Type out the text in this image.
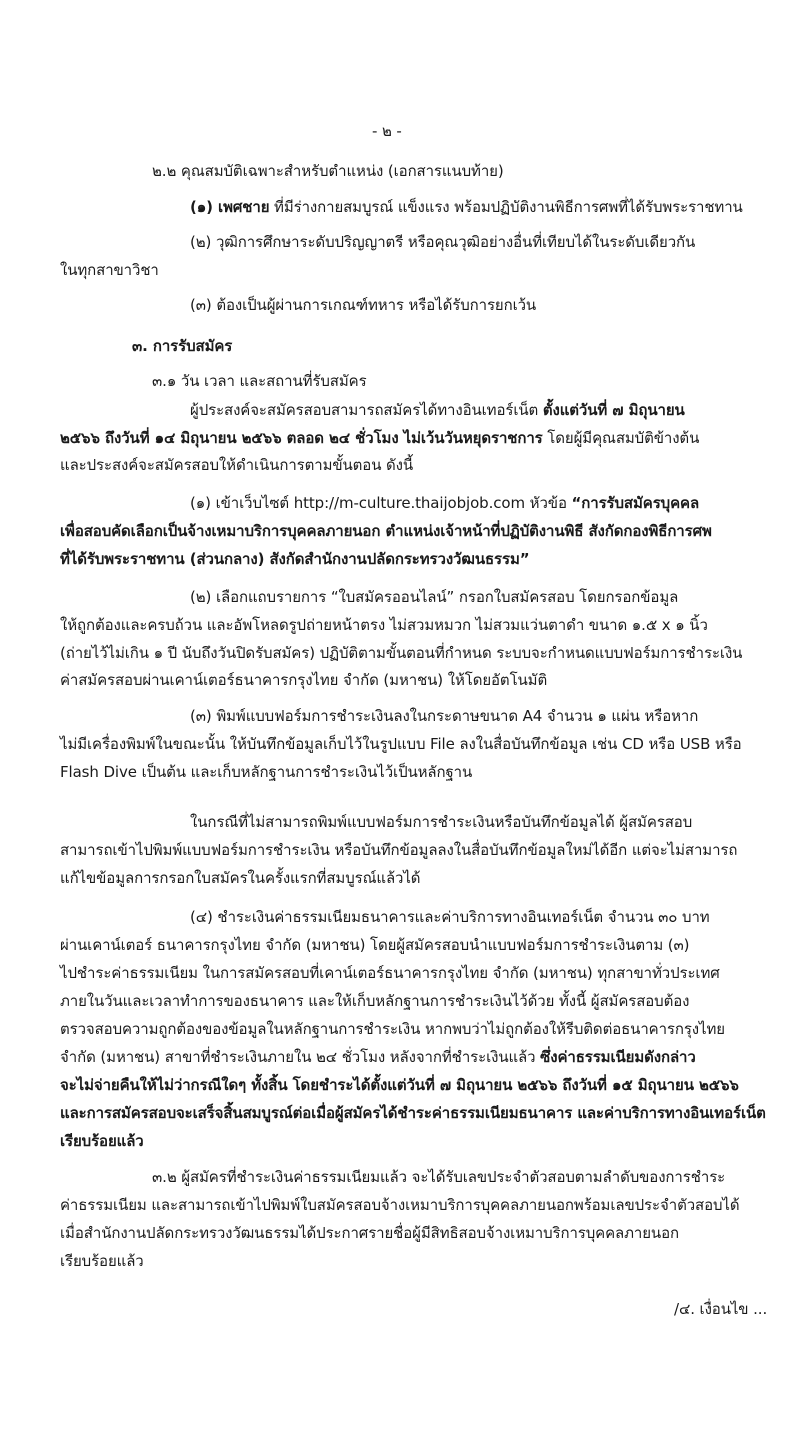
- ๒ -
๒.๒ คุณสมบัติเฉพาะสำหรับตำแหน่ง (เอกสารแนบท้าย)
(๑) เพศชาย ที่มีร่างกายสมบูรณ์ แข็งแรง พร้อมปฏิบัติงานพิธีการศพที่ได้รับพระราชทาน
(๒) วุฒิการศึกษาระดับปริญญาตรี หรือคุณวุฒิอย่างอื่นที่เทียบได้ในระดับเดียวกัน
ในทุกสาขาวิชา
(๓) ต้องเป็นผู้ผ่านการเกณฑ์ทหาร หรือได้รับการยกเว้น
๓. การรับสมัคร
๓.๑ วัน เวลา และสถานที่รับสมัคร
ผู้ประสงค์จะสมัครสอบสามารถสมัครได้ทางอินเทอร์เน็ต ตั้งแต่วันที่ ๗ มิถุนายน
๒๕๖๖ ถึงวันที่ ๑๔ มิถุนายน ๒๕๖๖ ตลอด ๒๔ ชั่วโมง ไม่เว้นวันหยุดราชการ โดยผู้มีคุณสมบัติข้างต้น
และประสงค์จะสมัครสอบให้ดำเนินการตามขั้นตอน ดังนี้
(๑) เข้าเว็บไซต์ http://m-culture.thaijobjob.com หัวข้อ “การรับสมัครบุคคล
เพื่อสอบคัดเลือกเป็นจ้างเหมาบริการบุคคลภายนอก ตำแหน่งเจ้าหน้าที่ปฏิบัติงานพิธี สังกัดกองพิธีการศพ
ที่ได้รับพระราชทาน (ส่วนกลาง) สังกัดสำนักงานปลัดกระทรวงวัฒนธรรม”
(๒) เลือกแถบรายการ “ใบสมัครออนไลน์” กรอกใบสมัครสอบ โดยกรอกข้อมูล
ให้ถูกต้องและครบถ้วน และอัพโหลดรูปถ่ายหน้าตรง ไม่สวมหมวก ไม่สวมแว่นตาดำ ขนาด ๑.๕ x ๑ นิ้ว
(ถ่ายไว้ไม่เกิน ๑ ปี นับถึงวันปิดรับสมัคร) ปฏิบัติตามขั้นตอนที่กำหนด ระบบจะกำหนดแบบฟอร์มการชำระเงิน
ค่าสมัครสอบผ่านเคาน์เตอร์ธนาคารกรุงไทย จำกัด (มหาชน) ให้โดยอัตโนมัติ
(๓) พิมพ์แบบฟอร์มการชำระเงินลงในกระดาษขนาด A4 จำนวน ๑ แผ่น หรือหาก
ไม่มีเครื่องพิมพ์ในขณะนั้น ให้บันทึกข้อมูลเก็บไว้ในรูปแบบ File ลงในสื่อบันทึกข้อมูล เช่น CD หรือ USB หรือ
Flash Dive เป็นต้น และเก็บหลักฐานการชำระเงินไว้เป็นหลักฐาน
ในกรณีที่ไม่สามารถพิมพ์แบบฟอร์มการชำระเงินหรือบันทึกข้อมูลได้ ผู้สมัครสอบ
สามารถเข้าไปพิมพ์แบบฟอร์มการชำระเงิน หรือบันทึกข้อมูลลงในสื่อบันทึกข้อมูลใหม่ได้อีก แต่จะไม่สามารถ
แก้ไขข้อมูลการกรอกใบสมัครในครั้งแรกที่สมบูรณ์แล้วได้
(๔) ชำระเงินค่าธรรมเนียมธนาคารและค่าบริการทางอินเทอร์เน็ต จำนวน ๓๐ บาท
ผ่านเคาน์เตอร์ ธนาคารกรุงไทย จำกัด (มหาชน) โดยผู้สมัครสอบนำแบบฟอร์มการชำระเงินตาม (๓)
ไปชำระค่าธรรมเนียม ในการสมัครสอบที่เคาน์เตอร์ธนาคารกรุงไทย จำกัด (มหาชน) ทุกสาขาทั่วประเทศ
ภายในวันและเวลาทำการของธนาคาร และให้เก็บหลักฐานการชำระเงินไว้ด้วย ทั้งนี้ ผู้สมัครสอบต้อง
ตรวจสอบความถูกต้องของข้อมูลในหลักฐานการชำระเงิน หากพบว่าไม่ถูกต้องให้รีบติดต่อธนาคารกรุงไทย
จำกัด (มหาชน) สาขาที่ชำระเงินภายใน ๒๔ ชั่วโมง หลังจากที่ชำระเงินแล้ว ซึ่งค่าธรรมเนียมดังกล่าว
จะไม่จ่ายคืนให้ไม่ว่ากรณีใดๆ ทั้งสิ้น โดยชำระได้ตั้งแต่วันที่ ๗ มิถุนายน ๒๕๖๖ ถึงวันที่ ๑๕ มิถุนายน ๒๕๖๖
และการสมัครสอบจะเสร็จสิ้นสมบูรณ์ต่อเมื่อผู้สมัครได้ชำระค่าธรรมเนียมธนาคาร และค่าบริการทางอินเทอร์เน็ต
เรียบร้อยแล้ว
๓.๒ ผู้สมัครที่ชำระเงินค่าธรรมเนียมแล้ว จะได้รับเลขประจำตัวสอบตามลำดับของการชำระ
ค่าธรรมเนียม และสามารถเข้าไปพิมพ์ใบสมัครสอบจ้างเหมาบริการบุคคลภายนอกพร้อมเลขประจำตัวสอบได้
เมื่อสำนักงานปลัดกระทรวงวัฒนธรรมได้ประกาศรายชื่อผู้มีสิทธิสอบจ้างเหมาบริการบุคคลภายนอก
เรียบร้อยแล้ว
/๔. เงื่อนไข ...
